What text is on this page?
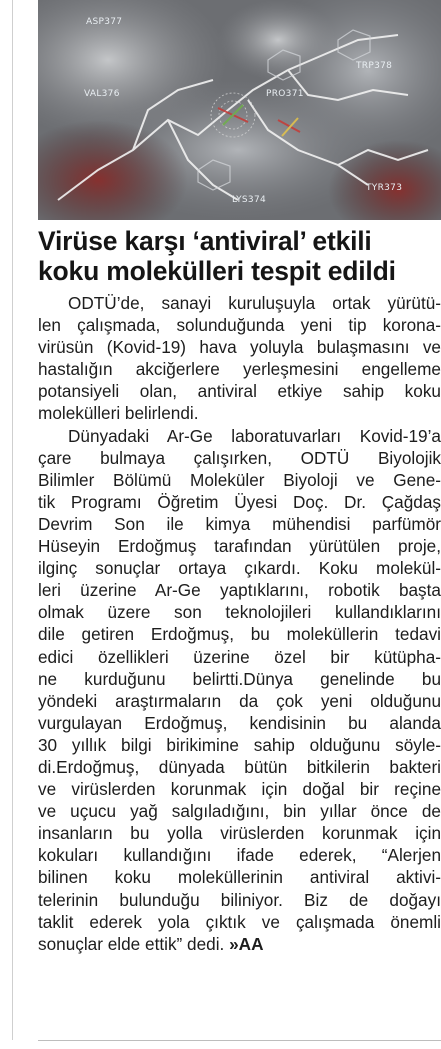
ASP377
TRP378
VAL376	PRO371
LYS374
TYR373
Virüse karşı ‘antiviral’ etkili
koku molekülleri tespit edildi
ODTÜ’de, sanayi kuruluşuyla ortak yürütü-
len çalışmada, solunduğunda yeni tip korona-
virüsün (Kovid-19) hava yoluyla bulaşmasını ve
hastalığın akciğerlere yerleşmesini engelleme
potansiyeli olan, antiviral etkiye sahip koku
molekülleri belirlendi.
Dünyadaki Ar-Ge laboratuvarları Kovid-19’a
çare bulmaya çalışırken, ODTÜ Biyolojik
Bilimler Bölümü Moleküler Biyoloji ve Gene-
tik Programı Öğretim Üyesi Doç. Dr. Çağdaş
Devrim Son ile kimya mühendisi parfümör
Hüseyin Erdoğmuş tarafından yürütülen proje,
ilginç sonuçlar ortaya çıkardı. Koku molekül-
leri üzerine Ar-Ge yaptıklarını, robotik başta
olmak üzere son teknolojileri kullandıklarını
dile getiren Erdoğmuş, bu moleküllerin tedavi
edici özellikleri üzerine özel bir kütüpha-
ne kurduğunu belirtti.Dünya genelinde bu
yöndeki araştırmaların da çok yeni olduğunu
vurgulayan Erdoğmuş, kendisinin bu alanda
30 yıllık bilgi birikimine sahip olduğunu söyle-
di.Erdoğmuş, dünyada bütün bitkilerin bakteri
ve virüslerden korunmak için doğal bir reçine
ve uçucu yağ salgıladığını, bin yıllar önce de
insanların bu yolla virüslerden korunmak için
kokuları kullandığını ifade ederek, “Alerjen
bilinen koku moleküllerinin antiviral aktivi-
telerinin bulunduğu biliniyor. Biz de doğayı
taklit ederek yola çıktık ve çalışmada önemli
sonuçlar elde ettik” dedi. »AA
